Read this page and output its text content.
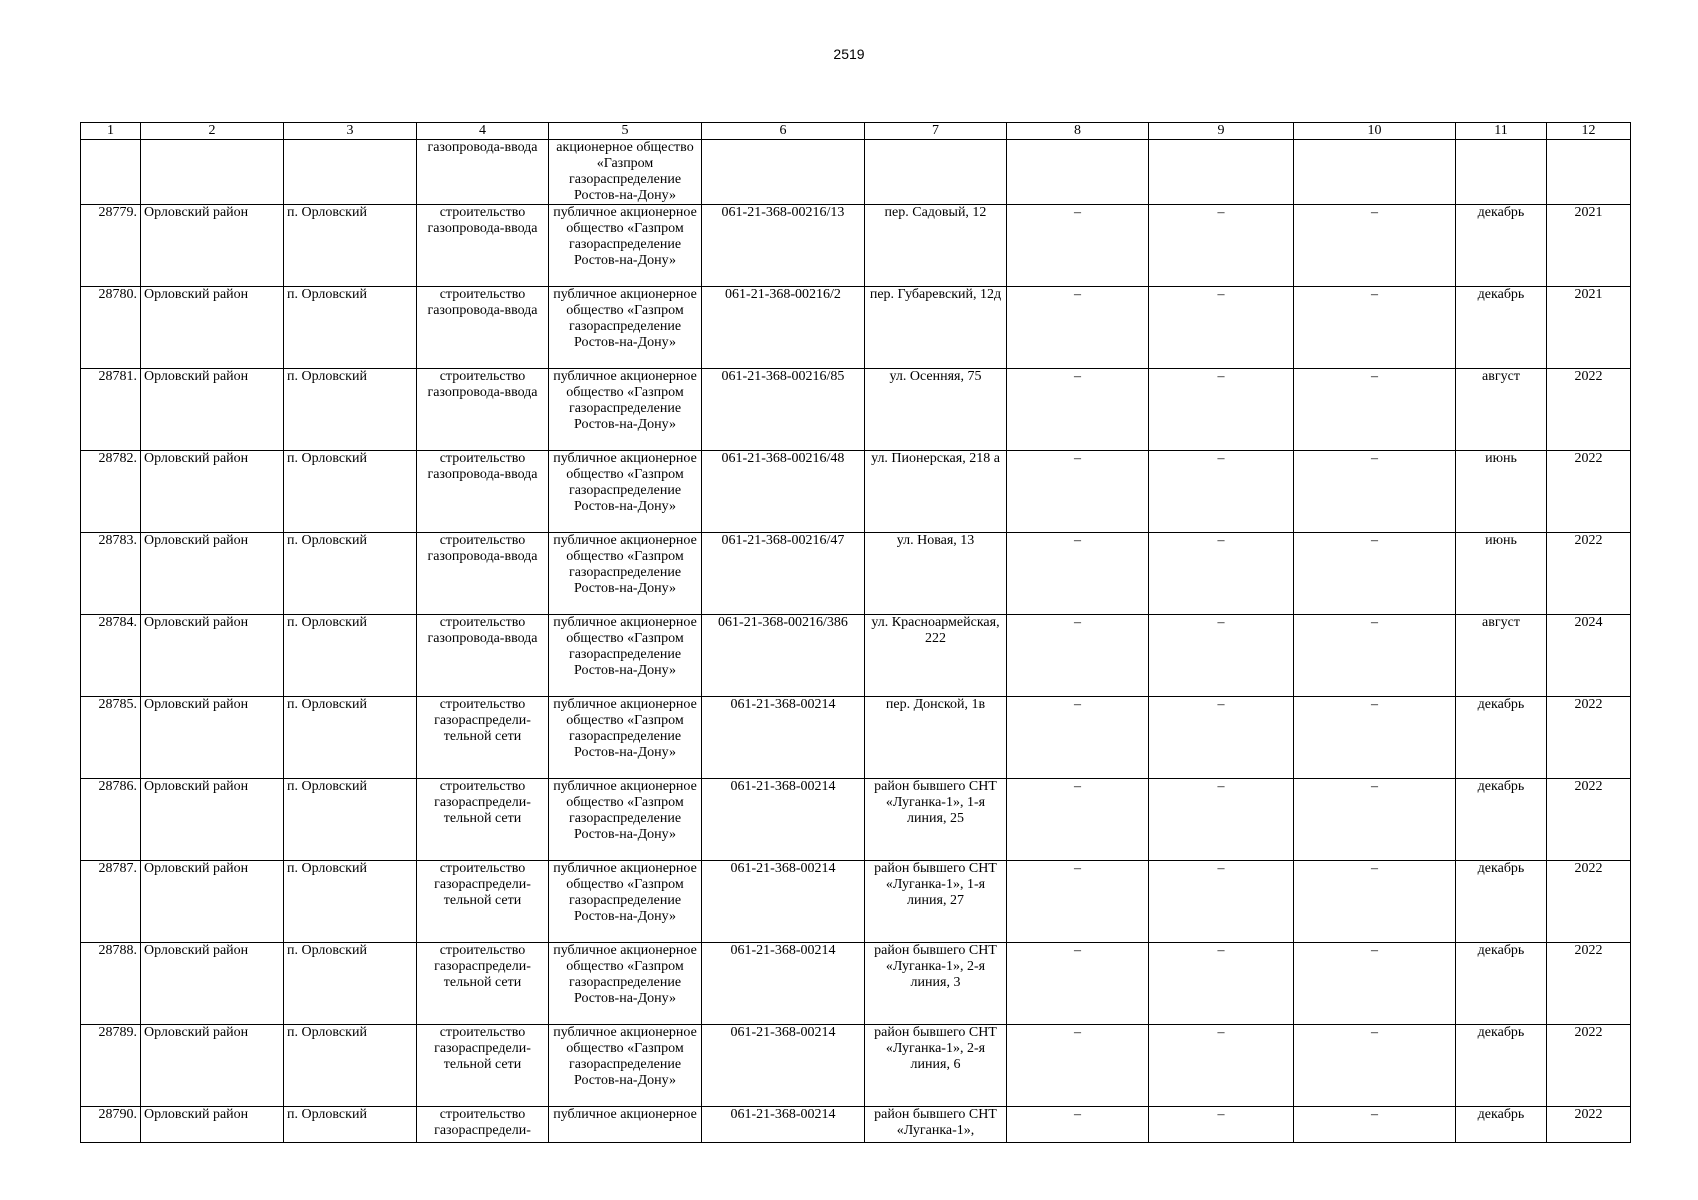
2519
1	2	3	4	5	6	7	8	9	10	11	12
			газопровода-ввода	акционерное общество «Газпром газораспределение Ростов-на-Дону»							
28779.	Орловский район	п. Орловский	строительство газопровода-ввода	публичное акционерное общество «Газпром газораспределение Ростов-на-Дону»	061-21-368-00216/13	пер. Садовый, 12	–	–	–	декабрь	2021
28780.	Орловский район	п. Орловский	строительство газопровода-ввода	публичное акционерное общество «Газпром газораспределение Ростов-на-Дону»	061-21-368-00216/2	пер. Губаревский, 12д	–	–	–	декабрь	2021
28781.	Орловский район	п. Орловский	строительство газопровода-ввода	публичное акционерное общество «Газпром газораспределение Ростов-на-Дону»	061-21-368-00216/85	ул. Осенняя, 75	–	–	–	август	2022
28782.	Орловский район	п. Орловский	строительство газопровода-ввода	публичное акционерное общество «Газпром газораспределение Ростов-на-Дону»	061-21-368-00216/48	ул. Пионерская, 218 а	–	–	–	июнь	2022
28783.	Орловский район	п. Орловский	строительство газопровода-ввода	публичное акционерное общество «Газпром газораспределение Ростов-на-Дону»	061-21-368-00216/47	ул. Новая, 13	–	–	–	июнь	2022
28784.	Орловский район	п. Орловский	строительство газопровода-ввода	публичное акционерное общество «Газпром газораспределение Ростов-на-Дону»	061-21-368-00216/386	ул. Красноармейская, 222	–	–	–	август	2024
28785.	Орловский район	п. Орловский	строительство газораспредели-тельной сети	публичное акционерное общество «Газпром газораспределение Ростов-на-Дону»	061-21-368-00214	пер. Донской, 1в	–	–	–	декабрь	2022
28786.	Орловский район	п. Орловский	строительство газораспредели-тельной сети	публичное акционерное общество «Газпром газораспределение Ростов-на-Дону»	061-21-368-00214	район бывшего СНТ «Луганка-1», 1-я линия, 25	–	–	–	декабрь	2022
28787.	Орловский район	п. Орловский	строительство газораспредели-тельной сети	публичное акционерное общество «Газпром газораспределение Ростов-на-Дону»	061-21-368-00214	район бывшего СНТ «Луганка-1», 1-я линия, 27	–	–	–	декабрь	2022
28788.	Орловский район	п. Орловский	строительство газораспредели-тельной сети	публичное акционерное общество «Газпром газораспределение Ростов-на-Дону»	061-21-368-00214	район бывшего СНТ «Луганка-1», 2-я линия, 3	–	–	–	декабрь	2022
28789.	Орловский район	п. Орловский	строительство газораспредели-тельной сети	публичное акционерное общество «Газпром газораспределение Ростов-на-Дону»	061-21-368-00214	район бывшего СНТ «Луганка-1», 2-я линия, 6	–	–	–	декабрь	2022
28790.	Орловский район	п. Орловский	строительство газораспредели-	публичное акционерное	061-21-368-00214	район бывшего СНТ «Луганка-1»,	–	–	–	декабрь	2022
